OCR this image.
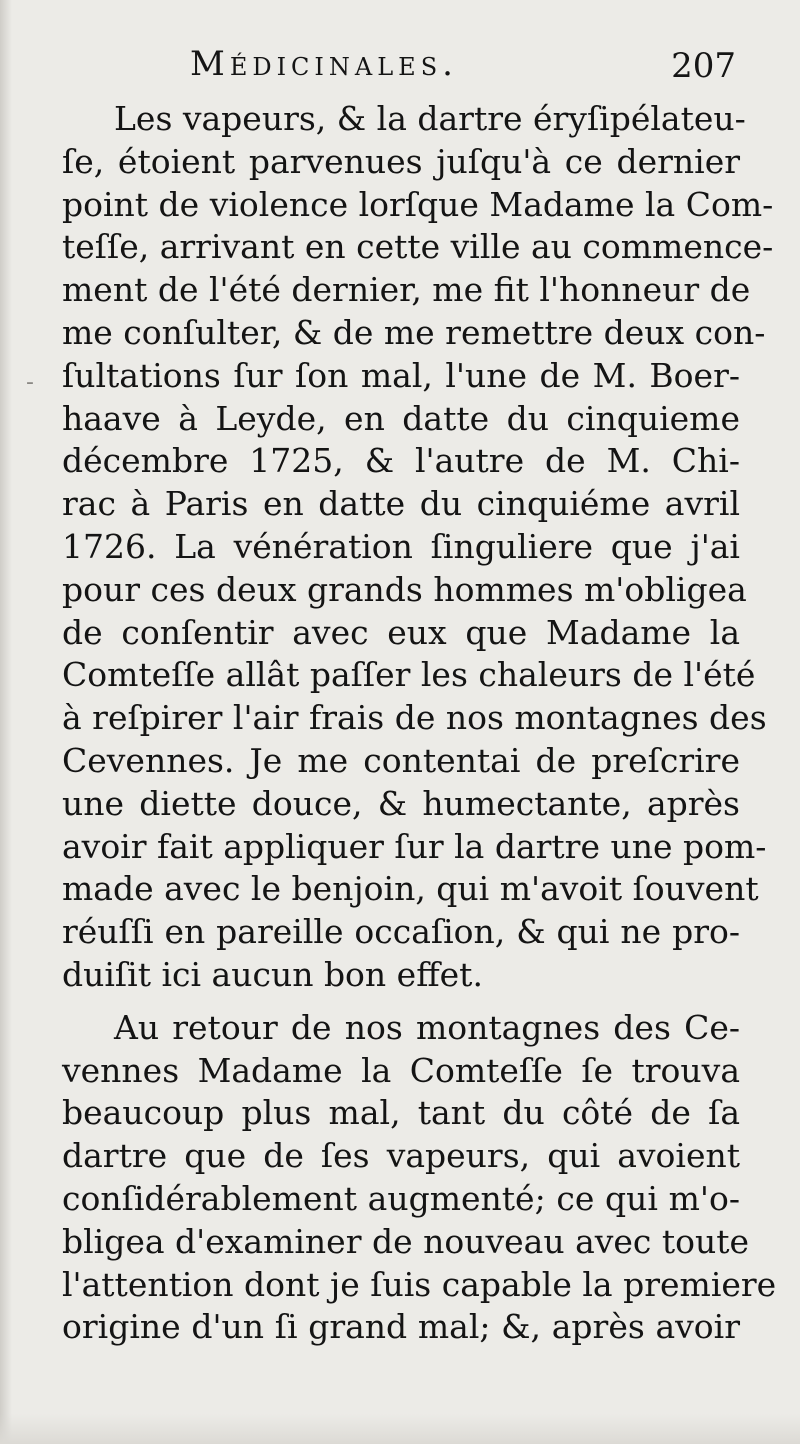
Médicinales.	207
-
Les vapeurs, & la dartre éryſipélateu-
ſe, étoient parvenues juſqu'à ce dernier
point de violence lorſque Madame la Com-
teſſe, arrivant en cette ville au commence-
ment de l'été dernier, me fit l'honneur de
me conſulter, & de me remettre deux con-
ſultations ſur ſon mal, l'une de M. Boer-
haave à Leyde, en datte du cinquieme
décembre 1725, & l'autre de M. Chi-
rac à Paris en datte du cinquiéme avril
1726. La vénération ſinguliere que j'ai
pour ces deux grands hommes m'obligea
de conſentir avec eux que Madame la
Comteſſe allât paſſer les chaleurs de l'été
à reſpirer l'air frais de nos montagnes des
Cevennes. Je me contentai de preſcrire
une diette douce, & humectante, après
avoir fait appliquer ſur la dartre une pom-
made avec le benjoin, qui m'avoit ſouvent
réuſſi en pareille occaſion, & qui ne pro-
duiſit ici aucun bon effet.
Au retour de nos montagnes des Ce-
vennes Madame la Comteſſe ſe trouva
beaucoup plus mal, tant du côté de ſa
dartre que de ſes vapeurs, qui avoient
conſidérablement augmenté; ce qui m'o-
bligea d'examiner de nouveau avec toute
l'attention dont je ſuis capable la premiere
origine d'un ſi grand mal; &, après avoir
